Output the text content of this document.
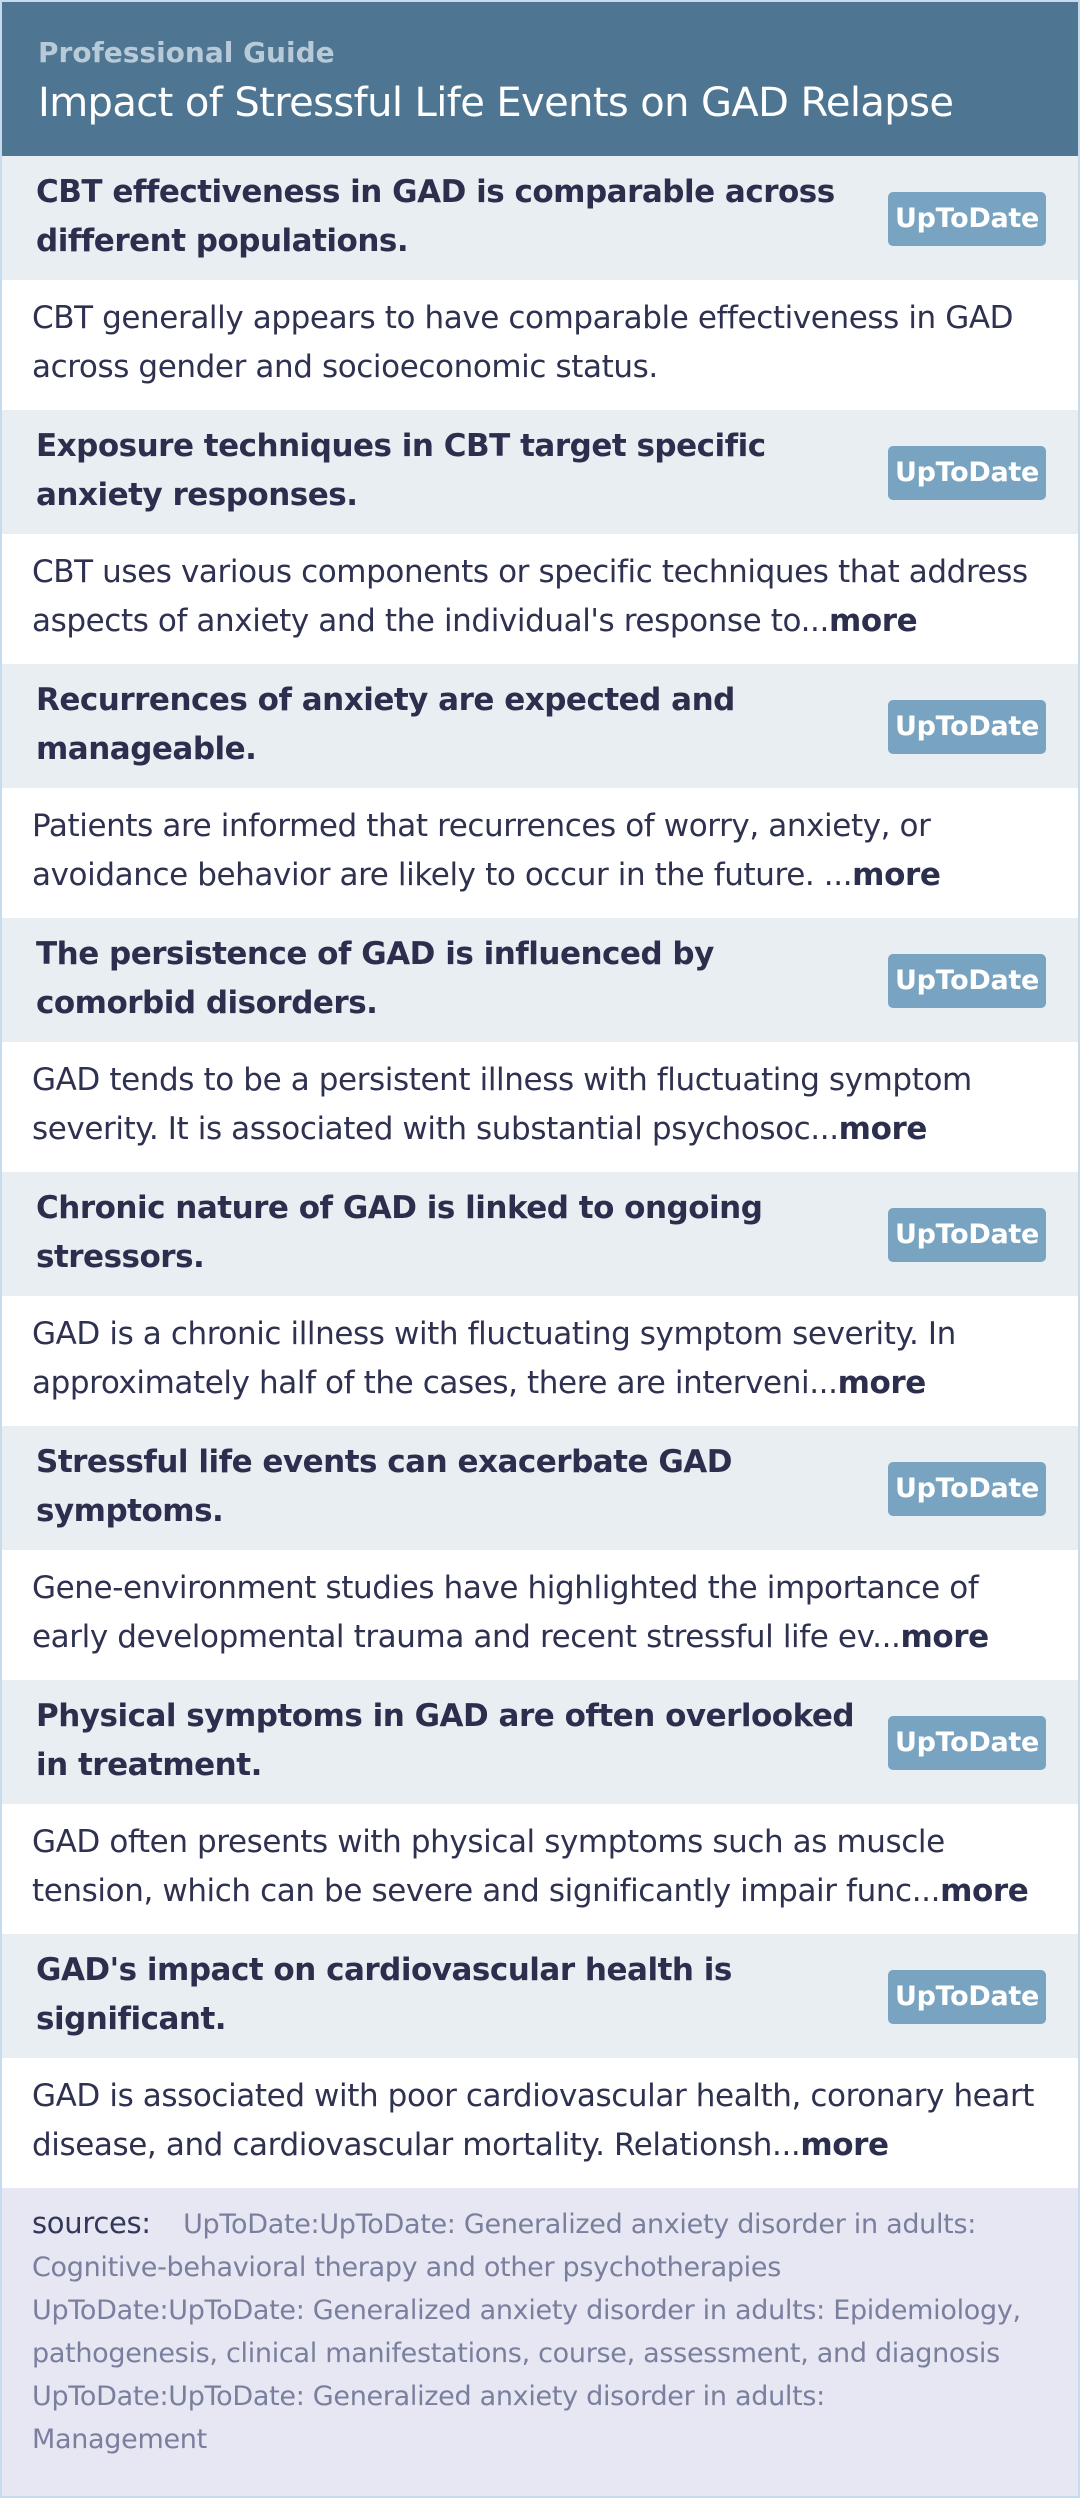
Professional Guide
Impact of Stressful Life Events on GAD Relapse
CBT effectiveness in GAD is comparable across different populations.
UpToDate
CBT generally appears to have comparable effectiveness in GAD across gender and socioeconomic status.
Exposure techniques in CBT target specific anxiety responses.
UpToDate
CBT uses various components or specific techniques that address aspects of anxiety and the individual's response to...more
Recurrences of anxiety are expected and manageable.
UpToDate
Patients are informed that recurrences of worry, anxiety, or avoidance behavior are likely to occur in the future. ...more
The persistence of GAD is influenced by comorbid disorders.
UpToDate
GAD tends to be a persistent illness with fluctuating symptom severity. It is associated with substantial psychosoc...more
Chronic nature of GAD is linked to ongoing stressors.
UpToDate
GAD is a chronic illness with fluctuating symptom severity. In approximately half of the cases, there are interveni...more
Stressful life events can exacerbate GAD symptoms.
UpToDate
Gene-environment studies have highlighted the importance of early developmental trauma and recent stressful life ev...more
Physical symptoms in GAD are often overlooked in treatment.
UpToDate
GAD often presents with physical symptoms such as muscle tension, which can be severe and significantly impair func...more
GAD's impact on cardiovascular health is significant.
UpToDate
GAD is associated with poor cardiovascular health, coronary heart disease, and cardiovascular mortality. Relationsh...more
sources: UpToDate:UpToDate: Generalized anxiety disorder in adults: Cognitive-behavioral therapy and other psychotherapies UpToDate:UpToDate: Generalized anxiety disorder in adults: Epidemiology, pathogenesis, clinical manifestations, course, assessment, and diagnosis UpToDate:UpToDate: Generalized anxiety disorder in adults: Management
